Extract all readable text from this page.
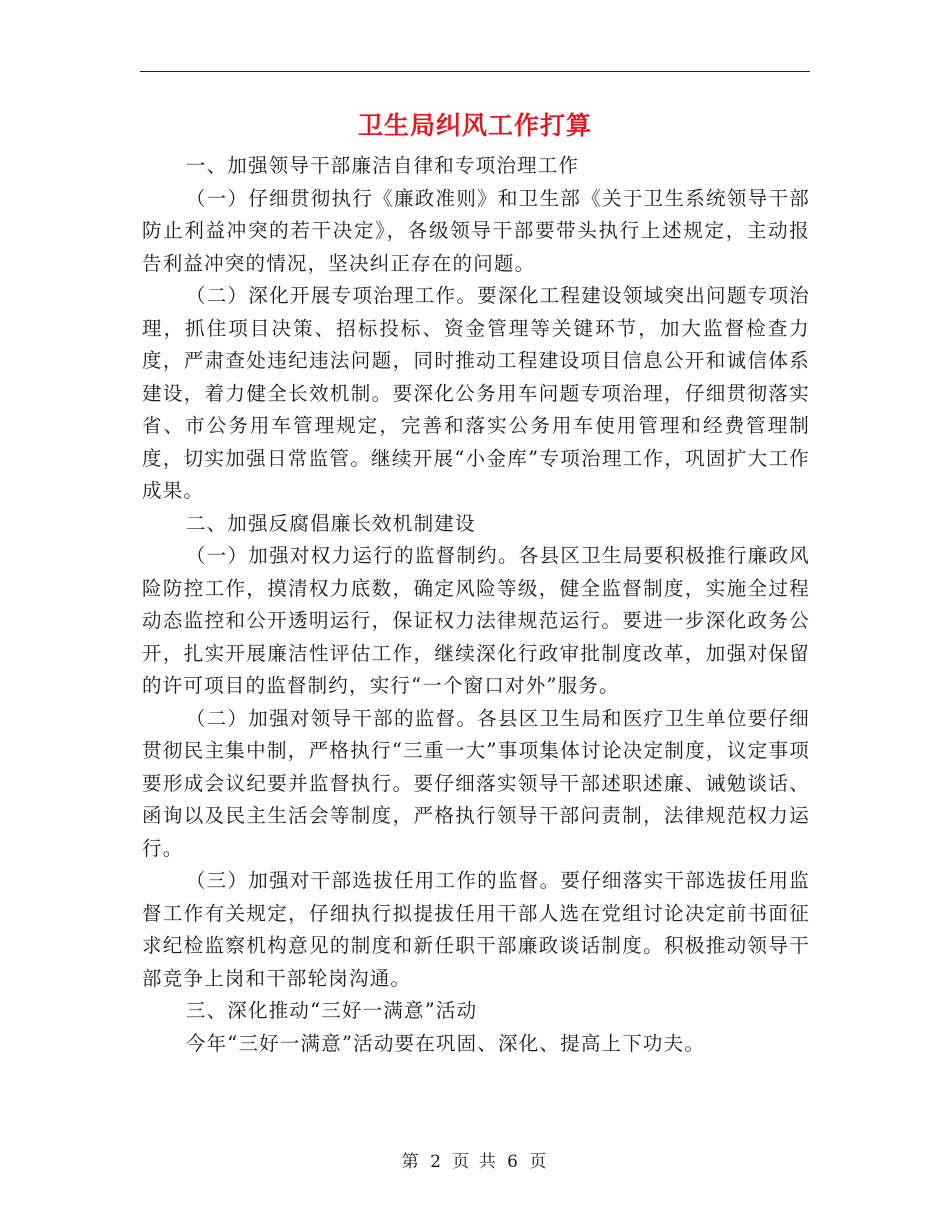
卫生局纠风工作打算

一、加强领导干部廉洁自律和专项治理工作

（一）仔细贯彻执行《廉政准则》和卫生部《关于卫生系统领导干部防止利益冲突的若干决定》，各级领导干部要带头执行上述规定，主动报告利益冲突的情况，坚决纠正存在的问题。

（二）深化开展专项治理工作。要深化工程建设领域突出问题专项治理，抓住项目决策、招标投标、资金管理等关键环节，加大监督检查力度，严肃查处违纪违法问题，同时推动工程建设项目信息公开和诚信体系建设，着力健全长效机制。要深化公务用车问题专项治理，仔细贯彻落实省、市公务用车管理规定，完善和落实公务用车使用管理和经费管理制度，切实加强日常监管。继续开展“小金库”专项治理工作，巩固扩大工作成果。

二、加强反腐倡廉长效机制建设

（一）加强对权力运行的监督制约。各县区卫生局要积极推行廉政风险防控工作，摸清权力底数，确定风险等级，健全监督制度，实施全过程动态监控和公开透明运行，保证权力法律规范运行。要进一步深化政务公开，扎实开展廉洁性评估工作，继续深化行政审批制度改革，加强对保留的许可项目的监督制约，实行“一个窗口对外”服务。

（二）加强对领导干部的监督。各县区卫生局和医疗卫生单位要仔细贯彻民主集中制，严格执行“三重一大”事项集体讨论决定制度，议定事项要形成会议纪要并监督执行。要仔细落实领导干部述职述廉、诫勉谈话、函询以及民主生活会等制度，严格执行领导干部问责制，法律规范权力运行。

（三）加强对干部选拔任用工作的监督。要仔细落实干部选拔任用监督工作有关规定，仔细执行拟提拔任用干部人选在党组讨论决定前书面征求纪检监察机构意见的制度和新任职干部廉政谈话制度。积极推动领导干部竞争上岗和干部轮岗沟通。

三、深化推动“三好一满意”活动

今年“三好一满意”活动要在巩固、深化、提高上下功夫。

第 2 页 共 6 页
